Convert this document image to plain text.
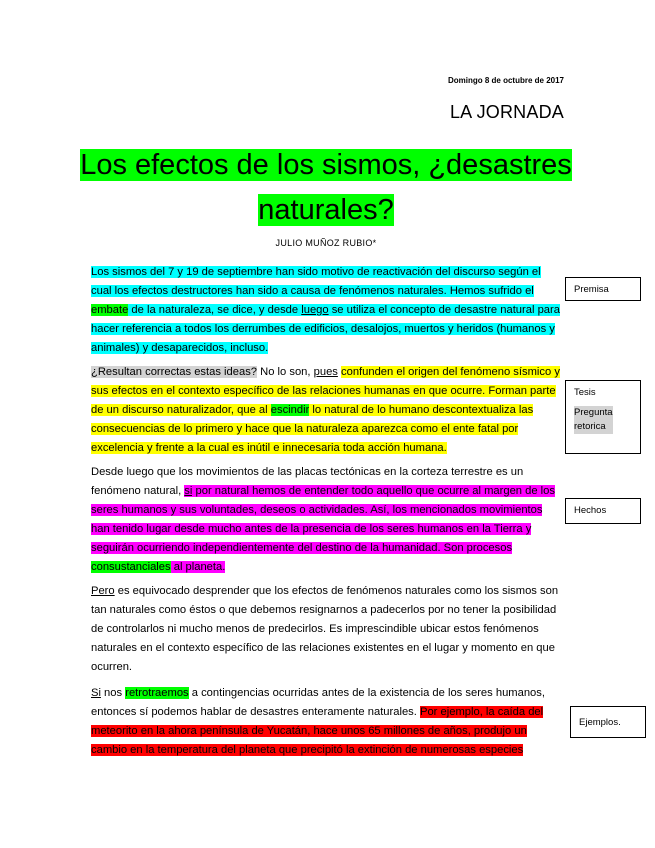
Domingo 8 de octubre de 2017
LA JORNADA
Los efectos de los sismos, ¿desastres
naturales?
JULIO MUÑOZ RUBIO*
Los sismos del 7 y 19 de septiembre han sido motivo de reactivación del discurso según el cual los efectos destructores han sido a causa de fenómenos naturales. Hemos sufrido el embate de la naturaleza, se dice, y desde luego se utiliza el concepto de desastre natural para hacer referencia a todos los derrumbes de edificios, desalojos, muertos y heridos (humanos y animales) y desaparecidos, incluso.
¿Resultan correctas estas ideas? No lo son, pues confunden el origen del fenómeno sísmico y sus efectos en el contexto específico de las relaciones humanas en que ocurre. Forman parte de un discurso naturalizador, que al escindir lo natural de lo humano descontextualiza las consecuencias de lo primero y hace que la naturaleza aparezca como el ente fatal por excelencia y frente a la cual es inútil e innecesaria toda acción humana.
Desde luego que los movimientos de las placas tectónicas en la corteza terrestre es un fenómeno natural, si por natural hemos de entender todo aquello que ocurre al margen de los seres humanos y sus voluntades, deseos o actividades. Así, los mencionados movimientos han tenido lugar desde mucho antes de la presencia de los seres humanos en la Tierra y seguirán ocurriendo independientemente del destino de la humanidad. Son procesos consustanciales al planeta.
Pero es equivocado desprender que los efectos de fenómenos naturales como los sismos son tan naturales como éstos o que debemos resignarnos a padecerlos por no tener la posibilidad de controlarlos ni mucho menos de predecirlos. Es imprescindible ubicar estos fenómenos naturales en el contexto específico de las relaciones existentes en el lugar y momento en que ocurren.
Si nos retrotraemos a contingencias ocurridas antes de la existencia de los seres humanos, entonces sí podemos hablar de desastres enteramente naturales. Por ejemplo, la caída del meteorito en la ahora península de Yucatán, hace unos 65 millones de años, produjo un cambio en la temperatura del planeta que precipitó la extinción de numerosas especies
Premisa
Tesis
Pregunta
retorica
Hechos
Ejemplos.
